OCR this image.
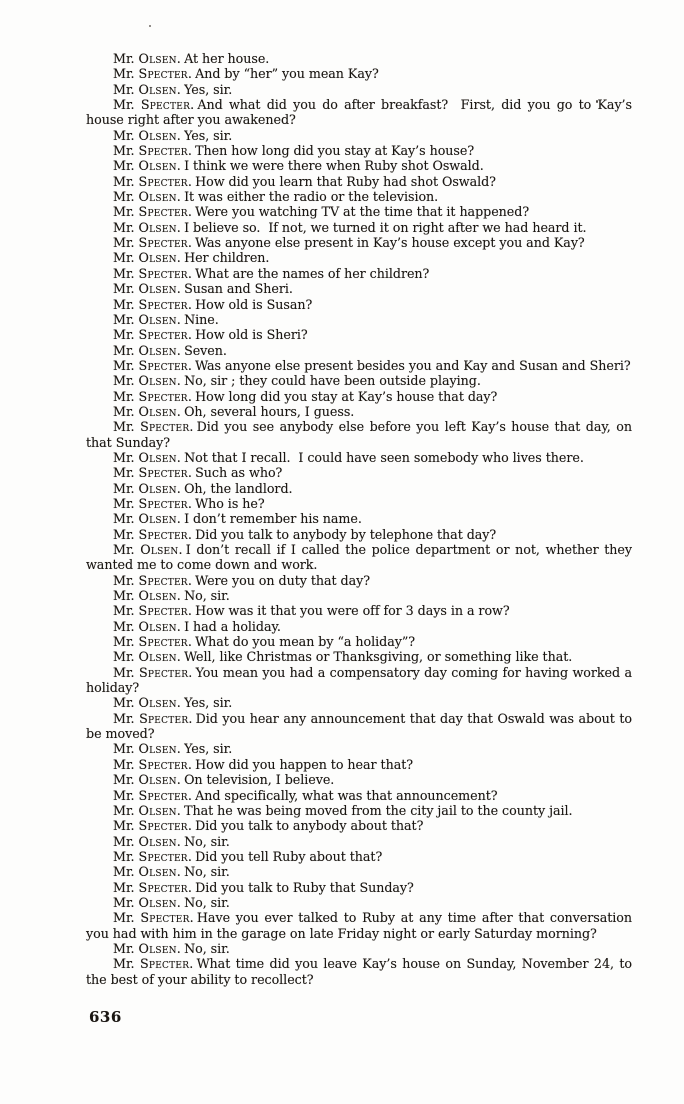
Mr. Olsen. At her house.

Mr. Specter. And by “her” you mean Kay?

Mr. Olsen. Yes, sir.

Mr. Specter. And what did you do after breakfast?  First, did you go to Kay’s house right after you awakened?

Mr. Olsen. Yes, sir.

Mr. Specter. Then how long did you stay at Kay’s house?

Mr. Olsen. I think we were there when Ruby shot Oswald.

Mr. Specter. How did you learn that Ruby had shot Oswald?

Mr. Olsen. It was either the radio or the television.

Mr. Specter. Were you watching TV at the time that it happened?

Mr. Olsen. I believe so.  If not, we turned it on right after we had heard it.

Mr. Specter. Was anyone else present in Kay’s house except you and Kay?

Mr. Olsen. Her children.

Mr. Specter. What are the names of her children?

Mr. Olsen. Susan and Sheri.

Mr. Specter. How old is Susan?

Mr. Olsen. Nine.

Mr. Specter. How old is Sheri?

Mr. Olsen. Seven.

Mr. Specter. Was anyone else present besides you and Kay and Susan and Sheri?

Mr. Olsen. No, sir ; they could have been outside playing.

Mr. Specter. How long did you stay at Kay’s house that day?

Mr. Olsen. Oh, several hours, I guess.

Mr. Specter. Did you see anybody else before you left Kay’s house that day, on that Sunday?

Mr. Olsen. Not that I recall.  I could have seen somebody who lives there.

Mr. Specter. Such as who?

Mr. Olsen. Oh, the landlord.

Mr. Specter. Who is he?

Mr. Olsen. I don’t remember his name.

Mr. Specter. Did you talk to anybody by telephone that day?

Mr. Olsen. I don’t recall if I called the police department or not, whether they wanted me to come down and work.

Mr. Specter. Were you on duty that day?

Mr. Olsen. No, sir.

Mr. Specter. How was it that you were off for 3 days in a row?

Mr. Olsen. I had a holiday.

Mr. Specter. What do you mean by “a holiday”?

Mr. Olsen. Well, like Christmas or Thanksgiving, or something like that.

Mr. Specter. You mean you had a compensatory day coming for having worked a holiday?

Mr. Olsen. Yes, sir.

Mr. Specter. Did you hear any announcement that day that Oswald was about to be moved?

Mr. Olsen. Yes, sir.

Mr. Specter. How did you happen to hear that?

Mr. Olsen. On television, I believe.

Mr. Specter. And specifically, what was that announcement?

Mr. Olsen. That he was being moved from the city jail to the county jail.

Mr. Specter. Did you talk to anybody about that?

Mr. Olsen. No, sir.

Mr. Specter. Did you tell Ruby about that?

Mr. Olsen. No, sir.

Mr. Specter. Did you talk to Ruby that Sunday?

Mr. Olsen. No, sir.

Mr. Specter. Have you ever talked to Ruby at any time after that conversation you had with him in the garage on late Friday night or early Saturday morning?

Mr. Olsen. No, sir.

Mr. Specter. What time did you leave Kay’s house on Sunday, November 24, to the best of your ability to recollect?

636
